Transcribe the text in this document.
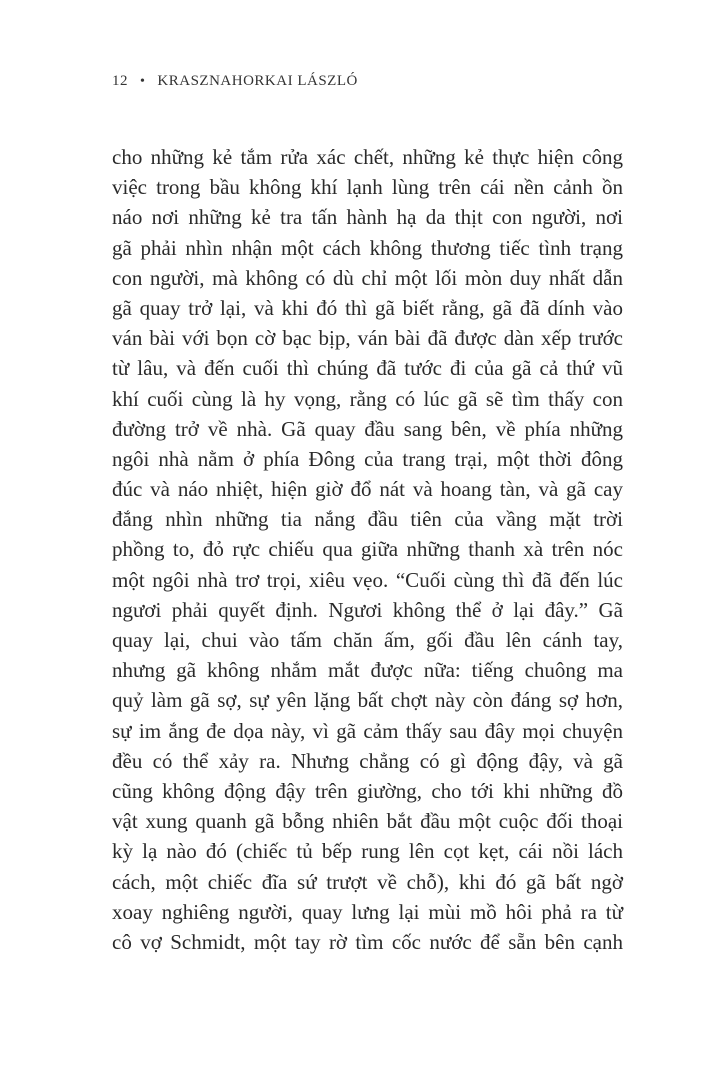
12 • KRASZNAHORKAI LÁSZLÓ
cho những kẻ tắm rửa xác chết, những kẻ thực hiện công
việc trong bầu không khí lạnh lùng trên cái nền cảnh ồn
náo nơi những kẻ tra tấn hành hạ da thịt con người, nơi
gã phải nhìn nhận một cách không thương tiếc tình trạng
con người, mà không có dù chỉ một lối mòn duy nhất dẫn
gã quay trở lại, và khi đó thì gã biết rằng, gã đã dính vào
ván bài với bọn cờ bạc bịp, ván bài đã được dàn xếp trước
từ lâu, và đến cuối thì chúng đã tước đi của gã cả thứ vũ
khí cuối cùng là hy vọng, rằng có lúc gã sẽ tìm thấy con
đường trở về nhà. Gã quay đầu sang bên, về phía những
ngôi nhà nằm ở phía Đông của trang trại, một thời đông
đúc và náo nhiệt, hiện giờ đổ nát và hoang tàn, và gã cay
đắng nhìn những tia nắng đầu tiên của vầng mặt trời
phồng to, đỏ rực chiếu qua giữa những thanh xà trên nóc
một ngôi nhà trơ trọi, xiêu vẹo. “Cuối cùng thì đã đến lúc
ngươi phải quyết định. Ngươi không thể ở lại đây.” Gã
quay lại, chui vào tấm chăn ấm, gối đầu lên cánh tay,
nhưng gã không nhắm mắt được nữa: tiếng chuông ma
quỷ làm gã sợ, sự yên lặng bất chợt này còn đáng sợ hơn,
sự im ắng đe dọa này, vì gã cảm thấy sau đây mọi chuyện
đều có thể xảy ra. Nhưng chẳng có gì động đậy, và gã
cũng không động đậy trên giường, cho tới khi những đồ
vật xung quanh gã bỗng nhiên bắt đầu một cuộc đối thoại
kỳ lạ nào đó (chiếc tủ bếp rung lên cọt kẹt, cái nồi lách
cách, một chiếc đĩa sứ trượt về chỗ), khi đó gã bất ngờ
xoay nghiêng người, quay lưng lại mùi mồ hôi phả ra từ
cô vợ Schmidt, một tay rờ tìm cốc nước để sẵn bên cạnh
